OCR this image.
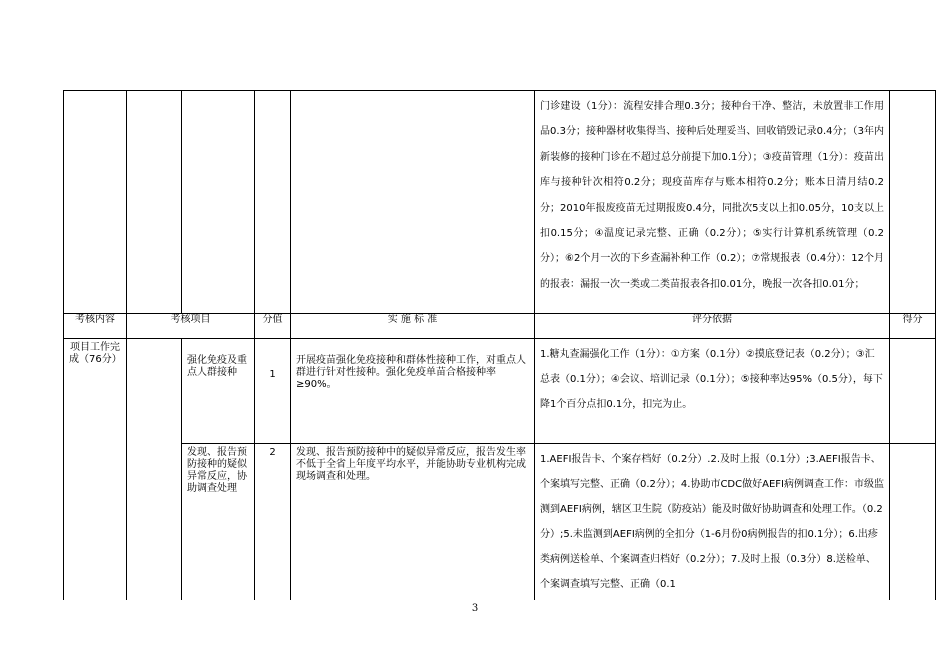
					门诊建设（1分）：流程安排合理0.3分；接种台干净、整洁，未放置非工作用品0.3分；接种器材收集得当、接种后处理妥当、回收销毁记录0.4分；（3年内新装修的接种门诊在不超过总分前提下加0.1分）；③疫苗管理（1分）：疫苗出库与接种针次相符0.2分；现疫苗库存与账本相符0.2分；账本日清月结0.2分；2010年报废疫苗无过期报废0.4分，同批次5支以上扣0.05分，10支以上扣0.15分；④温度记录完整、正确（0.2分）；⑤实行计算机系统管理（0.2分）；⑥2个月一次的下乡查漏补种工作（0.2）；⑦常规报表（0.4分）：12个月的报表：漏报一次一类或二类苗报表各扣0.01分，晚报一次各扣0.01分；	
考核内容	考核项目		分值	实 施 标 准	评分依据	得分
项目工作完成（76分）		强化免疫及重点人群接种	1	开展疫苗强化免疫接种和群体性接种工作，对重点人群进行针对性接种。强化免疫单苗合格接种率≥90%。	1.糖丸查漏强化工作（1分）：①方案（0.1分）②摸底登记表（0.2分）；③汇总表（0.1分）；④会议、培训记录（0.1分）；⑤接种率达95%（0.5分），每下降1个百分点扣0.1分，扣完为止。	
		发现、报告预防接种的疑似异常反应，协助调查处理	2	发现、报告预防接种中的疑似异常反应，报告发生率不低于全省上年度平均水平，并能协助专业机构完成现场调查和处理。	1.AEFI报告卡、个案存档好（0.2分）.2.及时上报（0.1分）;3.AEFI报告卡、个案填写完整、正确（0.2分）；4.协助市CDC做好AEFI病例调查工作：市级监测到AEFI病例，辖区卫生院（防疫站）能及时做好协助调查和处理工作。（0.2分）;5.未监测到AEFI病例的全扣分（1-6月份0病例报告的扣0.1分）；6.出疹类病例送检单、个案调查归档好（0.2分）；7.及时上报（0.3分）8.送检单、个案调查填写完整、正确（0.1	
3
